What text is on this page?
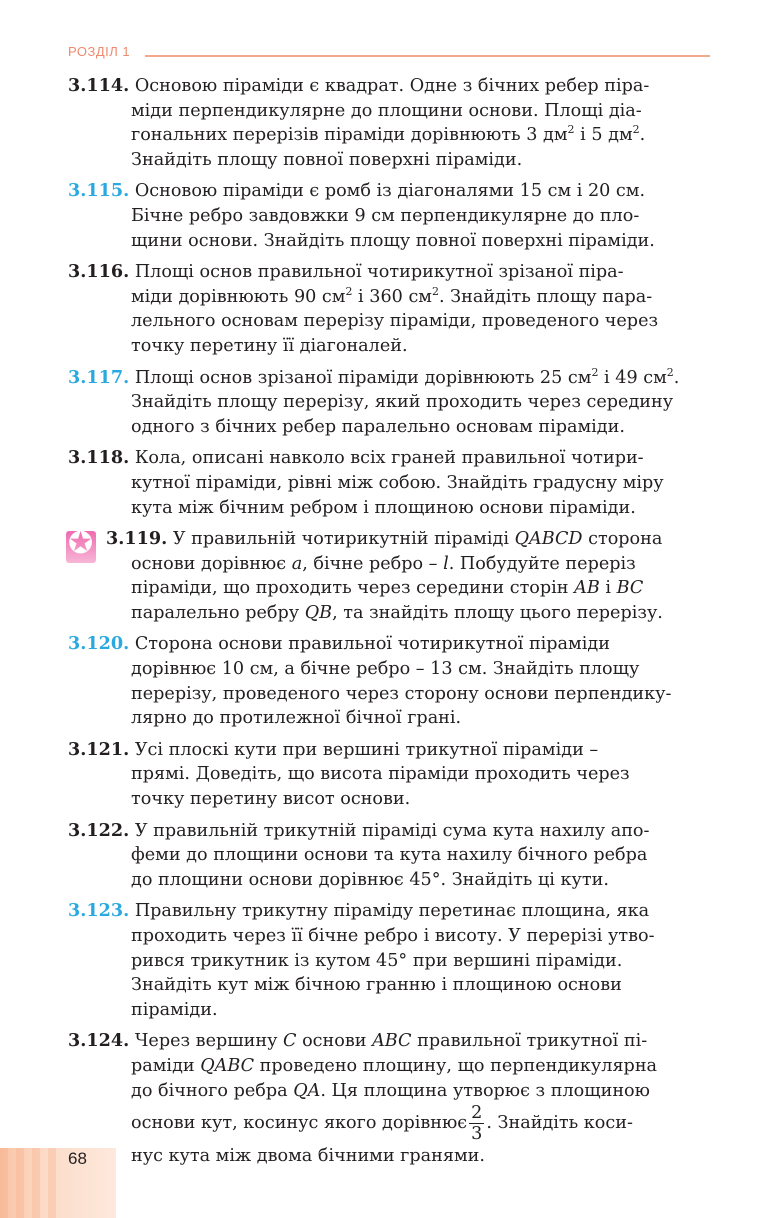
РОЗДІЛ 1
3.114. Основою піраміди є квадрат. Одне з бічних ребер піра-
міди перпендикулярне до площини основи. Площі діа-
гональних перерізів піраміди дорівнюють 3 $дм^2$ і 5 $дм^2$.
Знайдіть площу повної поверхні піраміди.
3.115. Основою піраміди є ромб із діагоналями 15 см і 20 см.
Бічне ребро завдовжки 9 см перпендикулярне до пло-
щини основи. Знайдіть площу повної поверхні піраміди.
3.116. Площі основ правильної чотирикутної зрізаної піра-
міди дорівнюють 90 $см^2$ і 360 $см^2$. Знайдіть площу пара-
лельного основам перерізу піраміди, проведеного через
точку перетину її діагоналей.
3.117. Площі основ зрізаної піраміди дорівнюють 25 $см^2$ і 49 $см^2$.
Знайдіть площу перерізу, який проходить через середину
одного з бічних ребер паралельно основам піраміди.
3.118. Кола, описані навколо всіх граней правильної чотири-
кутної піраміди, рівні між собою. Знайдіть градусну міру
кута між бічним ребром і площиною основи піраміди.
✪ 3.119. У правильній чотирикутній піраміді QABCD сторона
основи дорівнює a, бічне ребро – l. Побудуйте переріз
піраміди, що проходить через середини сторін AB і BC
паралельно ребру QB, та знайдіть площу цього перерізу.
3.120. Сторона основи правильної чотирикутної піраміди
дорівнює 10 см, а бічне ребро – 13 см. Знайдіть площу
перерізу, проведеного через сторону основи перпендику-
лярно до протилежної бічної грані.
3.121. Усі плоскі кути при вершині трикутної піраміди –
прямі. Доведіть, що висота піраміди проходить через
точку перетину висот основи.
3.122. У правильній трикутній піраміді сума кута нахилу апо-
феми до площини основи та кута нахилу бічного ребра
до площини основи дорівнює 45°. Знайдіть ці кути.
3.123. Правильну трикутну піраміду перетинає площина, яка
проходить через її бічне ребро і висоту. У перерізі утво-
рився трикутник із кутом 45° при вершині піраміди.
Знайдіть кут між бічною гранню і площиною основи
піраміди.
3.124. Через вершину C основи ABC правильної трикутної пі-
раміди QABC проведено площину, що перпендикулярна
до бічного ребра QA. Ця площина утворює з площиною
основи кут, косинус якого дорівнює $\frac{2}{3}$ . Знайдіть коси-
нус кута між двома бічними гранями.
68
